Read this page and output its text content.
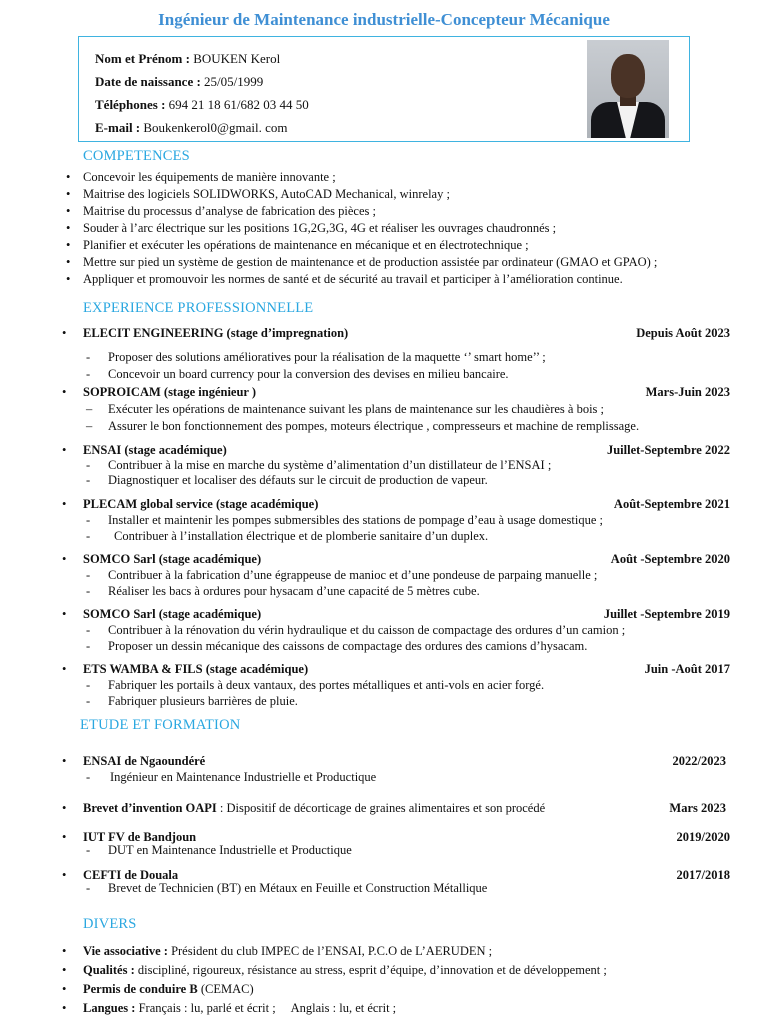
Ingénieur de Maintenance industrielle-Concepteur Mécanique
Nom et Prénom : BOUKEN Kerol
Date de naissance : 25/05/1999
Téléphones : 694 21 18 61/682 03 44 50
E-mail : Boukenkerol0@gmail. com
COMPETENCES
• Concevoir les équipements de manière innovante ;
• Maitrise des logiciels SOLIDWORKS, AutoCAD Mechanical, winrelay ;
• Maitrise du processus d’analyse de fabrication des pièces ;
• Souder à l’arc électrique sur les positions 1G,2G,3G, 4G et réaliser les ouvrages chaudronnés ;
• Planifier et exécuter les opérations de maintenance en mécanique et en électrotechnique ;
• Mettre sur pied un système de gestion de maintenance et de production assistée par ordinateur (GMAO et GPAO) ;
• Appliquer et promouvoir les normes de santé et de sécurité au travail et participer à l’amélioration continue.
EXPERIENCE PROFESSIONNELLE
• ELECIT ENGINEERING (stage d’impregnation)	Depuis Août 2023
- Proposer des solutions amélioratives pour la réalisation de la maquette ‘’ smart home’’ ;
- Concevoir un board currency pour la conversion des devises en milieu bancaire.
• SOPROICAM (stage ingénieur )	Mars-Juin 2023
– Exécuter les opérations de maintenance suivant les plans de maintenance sur les chaudières à bois ;
– Assurer le bon fonctionnement des pompes, moteurs électrique , compresseurs et machine de remplissage.
• ENSAI (stage académique)	Juillet-Septembre 2022
- Contribuer à la mise en marche du système d’alimentation d’un distillateur de l’ENSAI ;
- Diagnostiquer et localiser des défauts sur le circuit de production de vapeur.
• PLECAM global service (stage académique)	Août-Septembre 2021
- Installer et maintenir les pompes submersibles des stations de pompage d’eau à usage domestique ;
- Contribuer à l’installation électrique et de plomberie sanitaire d’un duplex.
• SOMCO Sarl (stage académique)	Août -Septembre 2020
- Contribuer à la fabrication d’une égrappeuse de manioc et d’une pondeuse de parpaing manuelle ;
- Réaliser les bacs à ordures pour hysacam d’une capacité de 5 mètres cube.
• SOMCO Sarl (stage académique)	Juillet -Septembre 2019
- Contribuer à la rénovation du vérin hydraulique et du caisson de compactage des ordures d’un camion ;
- Proposer un dessin mécanique des caissons de compactage des ordures des camions d’hysacam.
• ETS WAMBA & FILS (stage académique)	Juin -Août 2017
- Fabriquer les portails à deux vantaux, des portes métalliques et anti-vols en acier forgé.
- Fabriquer plusieurs barrières de pluie.
ETUDE ET FORMATION
• ENSAI de Ngaoundéré	2022/2023
- Ingénieur en Maintenance Industrielle et Productique
• Brevet d’invention OAPI : Dispositif de décorticage de graines alimentaires et son procédé	Mars 2023
• IUT FV de Bandjoun	2019/2020
- DUT en Maintenance Industrielle et Productique
• CEFTI de Douala	2017/2018
- Brevet de Technicien (BT) en Métaux en Feuille et Construction Métallique
DIVERS
• Vie associative : Président du club IMPEC de l’ENSAI, P.C.O de L’AERUDEN ;
• Qualités : discipliné, rigoureux, résistance au stress, esprit d’équipe, d’innovation et de développement ;
• Permis de conduire B (CEMAC)
• Langues : Français : lu, parlé et écrit ;     Anglais : lu, et écrit ;
